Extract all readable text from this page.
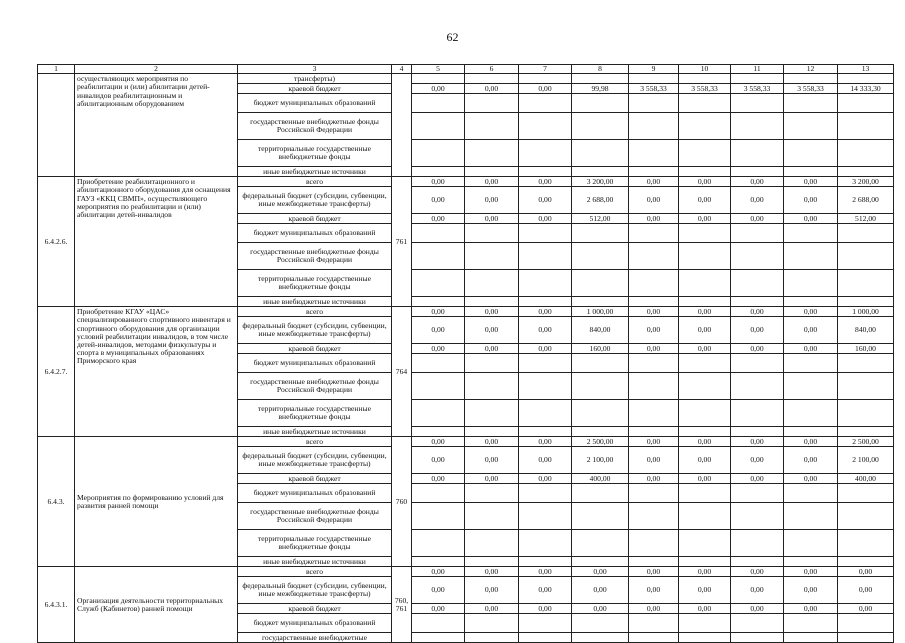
62
1	2	3	4	5	6	7	8	9	10	11	12	13
	осуществляющих мероприятия по реабилитации и (или) абилитации детей-инвалидов реабилитационным и абилитационным оборудованием	трансферты)										
		краевой бюджет		0,00	0,00	0,00	99,98	3 558,33	3 558,33	3 558,33	3 558,33	14 333,30
		бюджет муниципальных образований										
		государственные внебюджетные фонды Российской Федерации										
		территориальные государственные внебюджетные фонды										
		иные внебюджетные источники										
6.4.2.6.	Приобретение реабилитационного и абилитационного оборудования для оснащения ГАУЗ «ККЦ СВМП», осуществляющего мероприятия по реабилитации и (или) абилитации детей-инвалидов	всего	761	0,00	0,00	0,00	3 200,00	0,00	0,00	0,00	0,00	3 200,00
		федеральный бюджет (субсидии, субвенции, иные межбюджетные трансферты)		0,00	0,00	0,00	2 688,00	0,00	0,00	0,00	0,00	2 688,00
		краевой бюджет		0,00	0,00	0,00	512,00	0,00	0,00	0,00	0,00	512,00
		бюджет муниципальных образований										
		государственные внебюджетные фонды Российской Федерации										
		территориальные государственные внебюджетные фонды										
		иные внебюджетные источники										
6.4.2.7.	Приобретение КГАУ «ЦАС» специализированного спортивного инвентаря и спортивного оборудования для организации условий реабилитации инвалидов, в том числе детей-инвалидов, методами физкультуры и спорта в муниципальных образованиях Приморского края	всего	764	0,00	0,00	0,00	1 000,00	0,00	0,00	0,00	0,00	1 000,00
		федеральный бюджет (субсидии, субвенции, иные межбюджетные трансферты)		0,00	0,00	0,00	840,00	0,00	0,00	0,00	0,00	840,00
		краевой бюджет		0,00	0,00	0,00	160,00	0,00	0,00	0,00	0,00	160,00
		бюджет муниципальных образований										
		государственные внебюджетные фонды Российской Федерации										
		территориальные государственные внебюджетные фонды										
		иные внебюджетные источники										
6.4.3.	Мероприятия по формированию условий для развития ранней помощи	всего	760	0,00	0,00	0,00	2 500,00	0,00	0,00	0,00	0,00	2 500,00
		федеральный бюджет (субсидии, субвенции, иные межбюджетные трансферты)		0,00	0,00	0,00	2 100,00	0,00	0,00	0,00	0,00	2 100,00
		краевой бюджет		0,00	0,00	0,00	400,00	0,00	0,00	0,00	0,00	400,00
		бюджет муниципальных образований										
		государственные внебюджетные фонды Российской Федерации										
		территориальные государственные внебюджетные фонды										
		иные внебюджетные источники										
6.4.3.1.	Организация деятельности территориальных Служб (Кабинетов) ранней помощи	всего	760, 761	0,00	0,00	0,00	0,00	0,00	0,00	0,00	0,00	0,00
		федеральный бюджет (субсидии, субвенции, иные межбюджетные трансферты)		0,00	0,00	0,00	0,00	0,00	0,00	0,00	0,00	0,00
		краевой бюджет		0,00	0,00	0,00	0,00	0,00	0,00	0,00	0,00	0,00
		бюджет муниципальных образований										
		государственные внебюджетные										
